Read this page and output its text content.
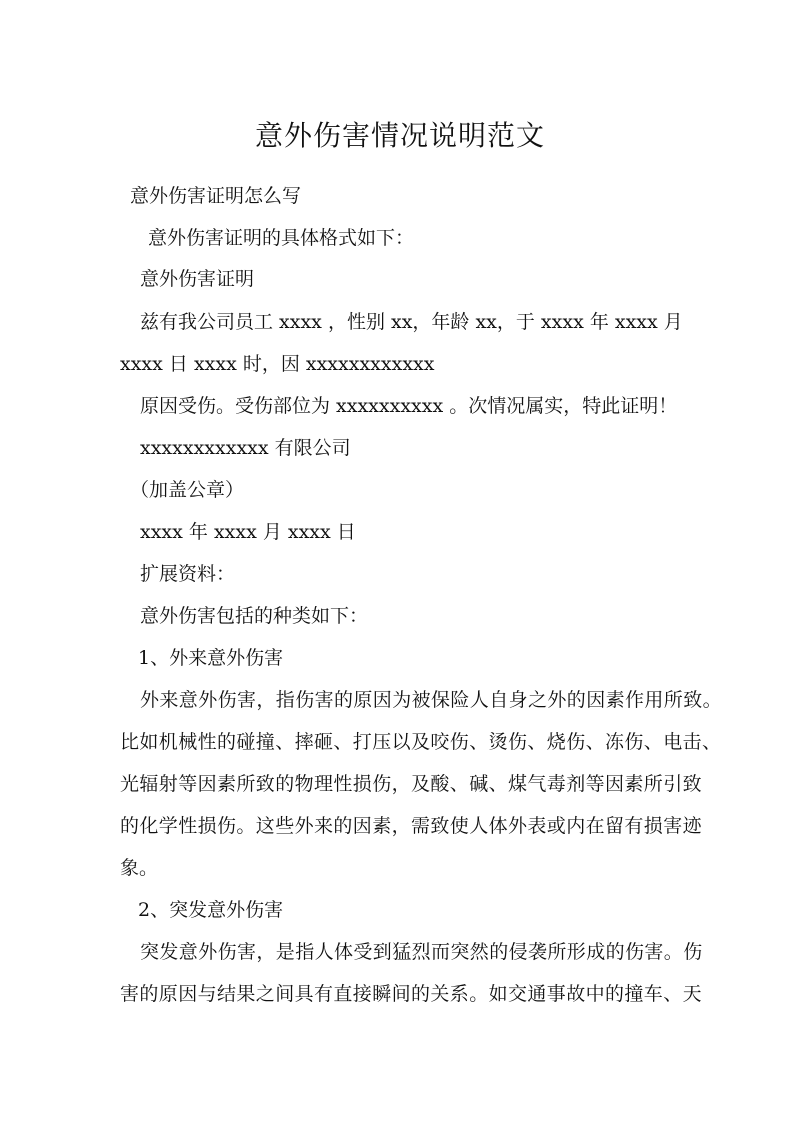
意外伤害情况说明范文
意外伤害证明怎么写
意外伤害证明的具体格式如下：
意外伤害证明
兹有我公司员工 xxxx ，性别 xx，年龄 xx，于 xxxx 年 xxxx 月
xxxx 日 xxxx 时，因 xxxxxxxxxxxx
原因受伤。受伤部位为 xxxxxxxxxx 。次情况属实，特此证明！
xxxxxxxxxxxx 有限公司
（加盖公章）
xxxx 年 xxxx 月 xxxx 日
扩展资料：
意外伤害包括的种类如下：
1、外来意外伤害
外来意外伤害，指伤害的原因为被保险人自身之外的因素作用所致。
比如机械性的碰撞、摔砸、打压以及咬伤、烫伤、烧伤、冻伤、电击、
光辐射等因素所致的物理性损伤，及酸、碱、煤气毒剂等因素所引致
的化学性损伤。这些外来的因素，需致使人体外表或内在留有损害迹
象。
2、突发意外伤害
突发意外伤害，是指人体受到猛烈而突然的侵袭所形成的伤害。伤
害的原因与结果之间具有直接瞬间的关系。如交通事故中的撞车、天
